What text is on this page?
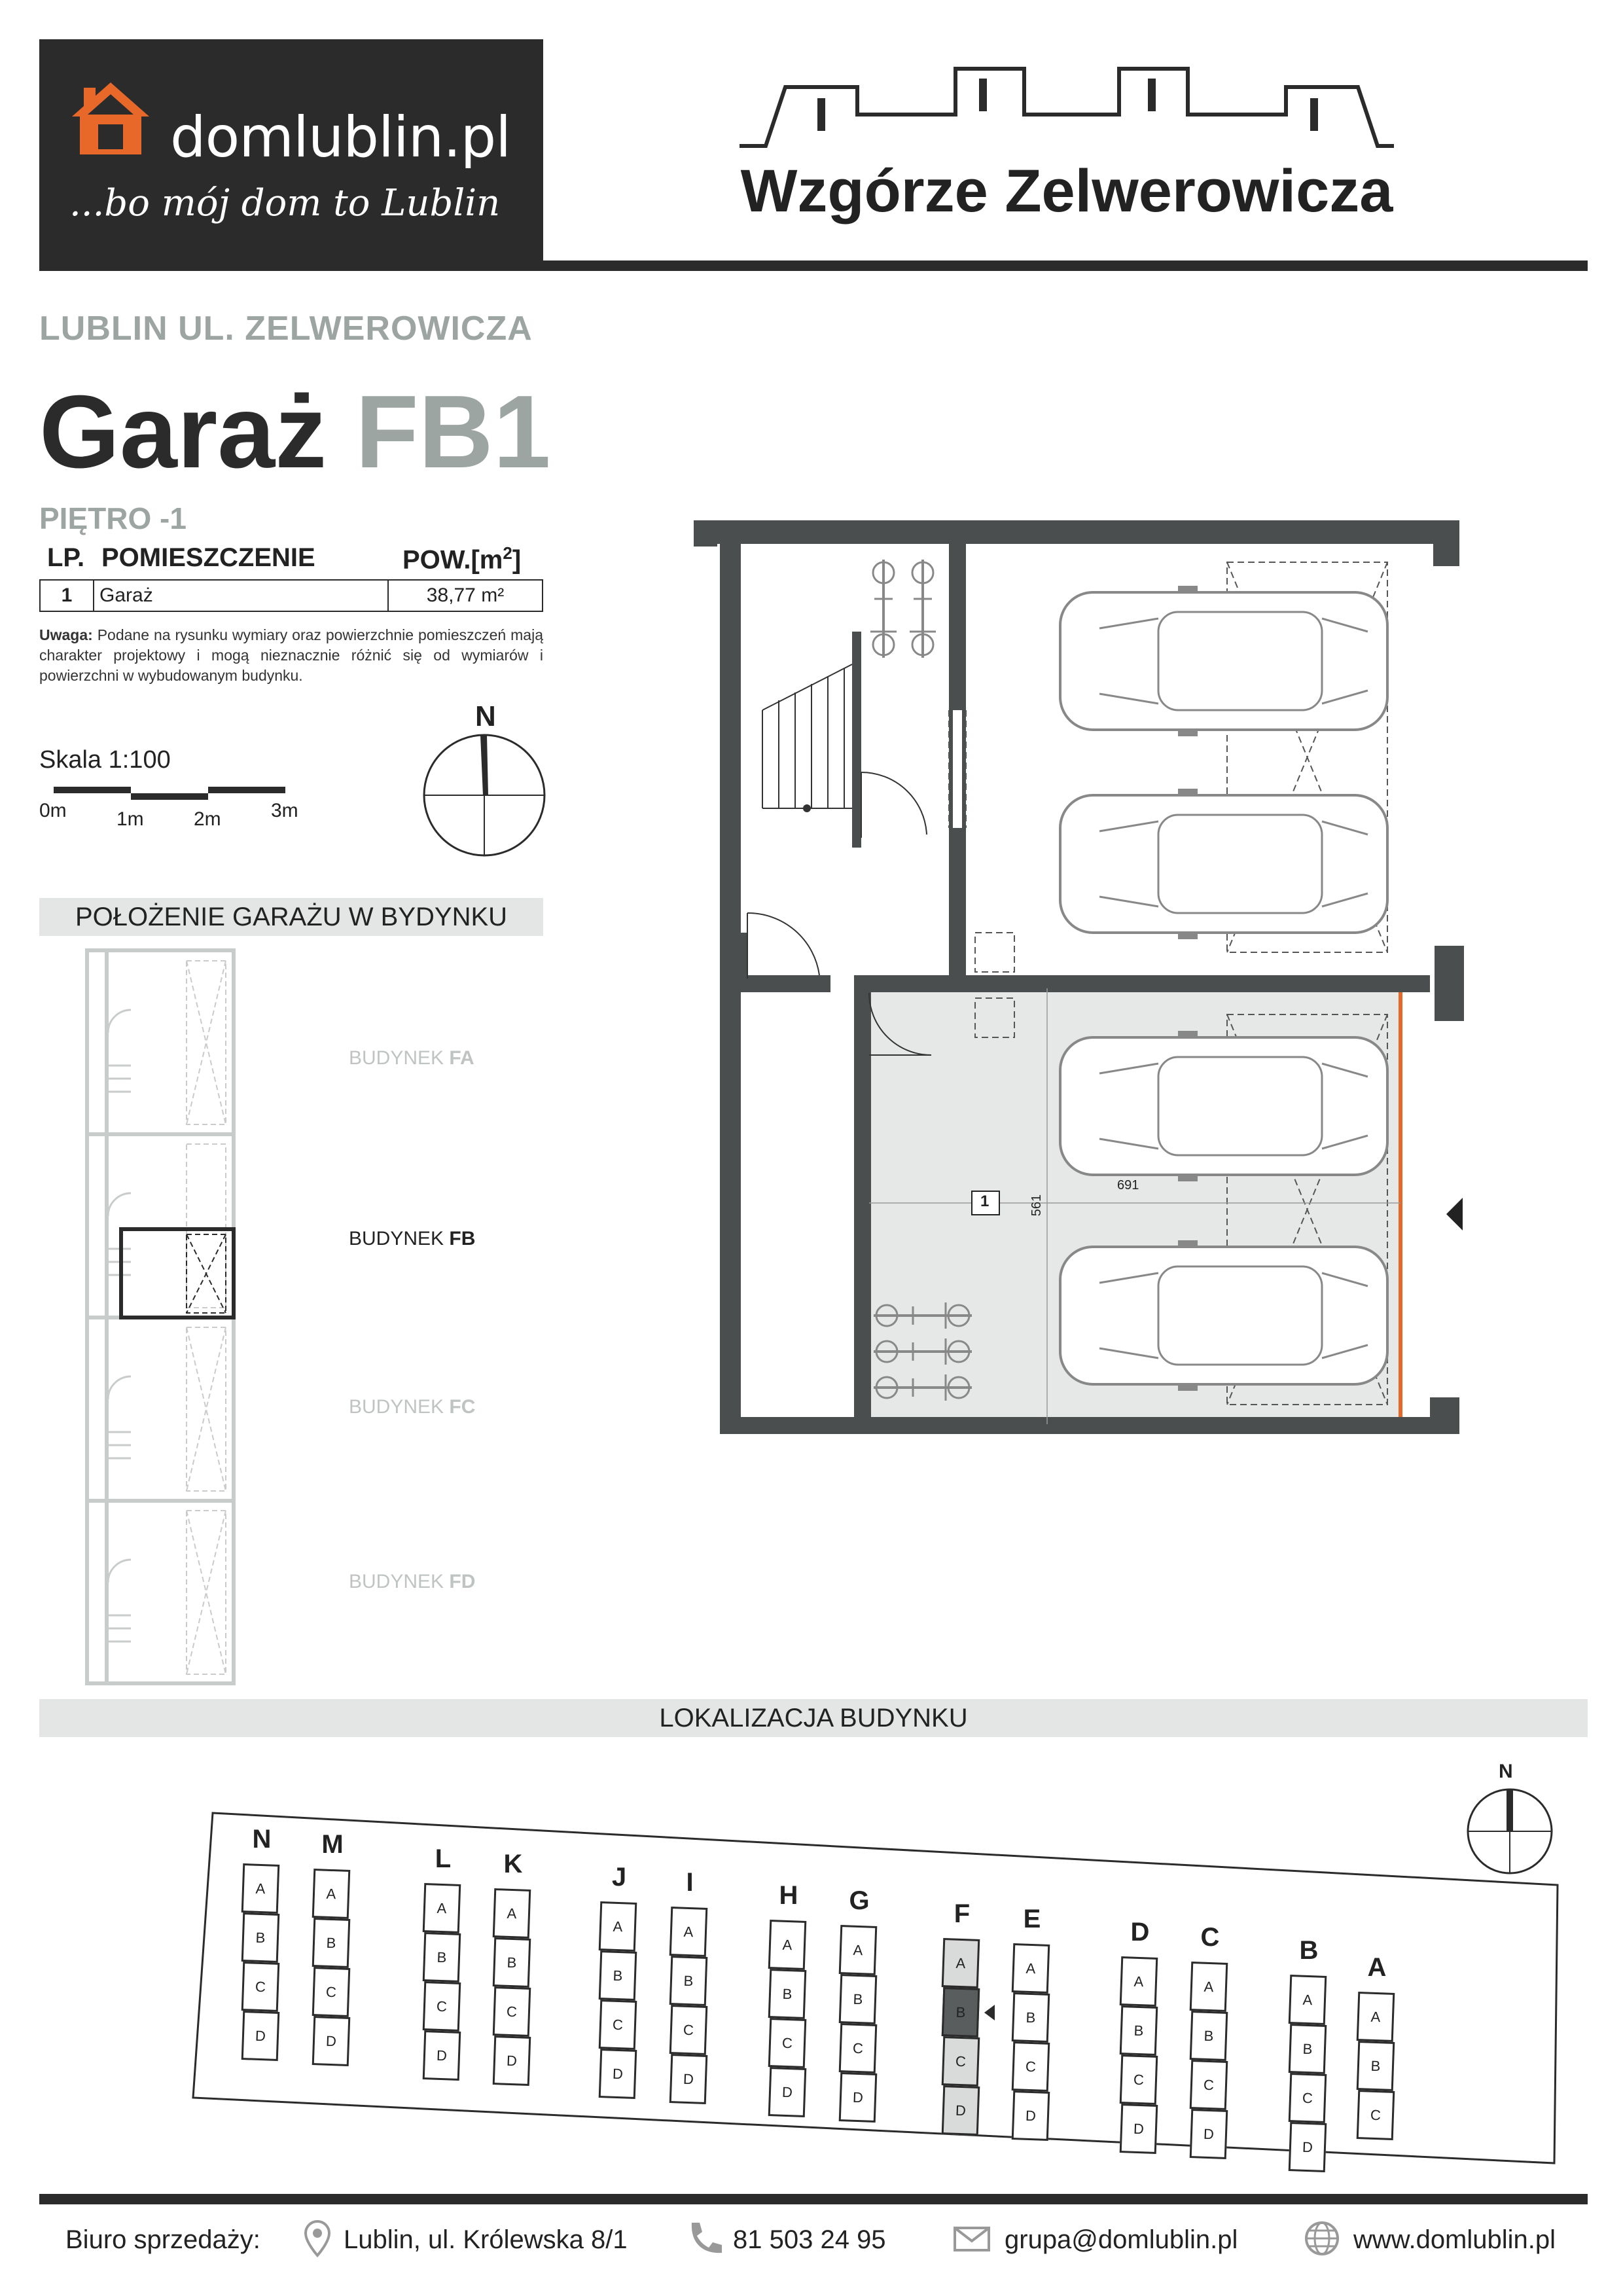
domlublin.pl
...bo mój dom to Lublin	Wzgórze Zelwerowicza
LUBLIN UL. ZELWEROWICZA
Garaż FB1
PIĘTRO -1
LP. POMIESZCZENIE	$POW.[m^2]$
1	Garaż	38,77 m²
Uwaga: Podane na rysunku wymiary oraz powierzchnie pomieszczeń mają charakter projektowy i mogą nieznacznie różnić się od wymiarów i powierzchni w wybudowanym budynku.
Skala 1:100
0m	1m	2m	3m
N
POŁOŻENIE GARAŻU W BYDYNKU
BUDYNEK FA
BUDYNEK FB
BUDYNEK FC
BUDYNEK FD
1
691
561
LOKALIZACJA BUDYNKU
N
A
B
C
D
M
A
B
C
D
L
A
B
C
D
K
A
B
C
D
J
A
B
C
D
I
A
B
C
D
H
A
B
C
D
G
A
B
C
D
F
A
B
C
D
E
A
B
C
D
D
A
B
C
D
C
A
B
C
D
B
A
B
C
D
A
A
B
C
N
Biuro sprzedaży:	Lublin, ul. Królewska 8/1	81 503 24 95	grupa@domlublin.pl	www.domlublin.pl
